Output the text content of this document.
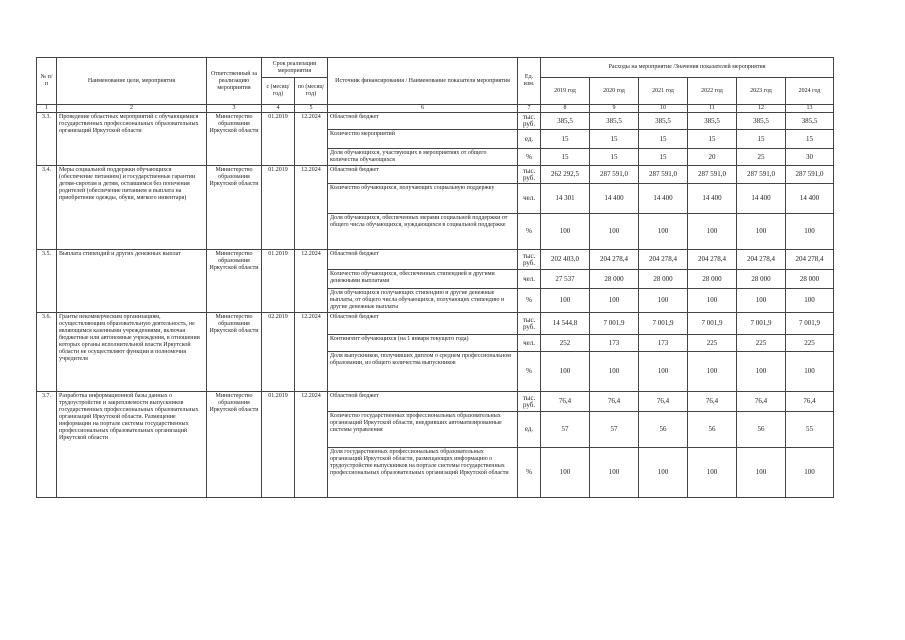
№ п/п	Наименование цели, мероприятия	Ответственный за реализацию мероприятия	Срок реализации мероприятия		Источник финансирования / Наименование показателя мероприятия	Ед. изм.	Расходы на мероприятие /Значения показателей мероприятия					
			с (месяц/ год)	по (месяц/ год)			2019 год	2020 год	2021 год	2022 год	2023 год	2024 год
1	2	3	4	5	6	7	8	9	10	11	12	13
3.3.	Проведение областных мероприятий с обучающимися государственных профессиональных образовательных организаций Иркутской области	Министерство образования Иркутской области	01.2019	12.2024	Областной бюджет	тыс. руб.	385,5	385,5	385,5	385,5	385,5	385,5
					Количество мероприятий	ед.	15	15	15	15	15	15
					Доля обучающихся, участвующих в мероприятиях от общего количества обучающихся	%	15	15	15	20	25	30
3.4.	Меры социальной поддержки обучающихся (обеспечение питанием) и государственные гарантии детям-сиротам и детям, оставшимся без попечения родителей (обеспечение питанием и выплата на приобретение одежды, обуви, мягкого инвентаря)	Министерство образования Иркутской области	01.2019	12.2024	Областной бюджет	тыс. руб.	262 292,5	287 591,0	287 591,0	287 591,0	287 591,0	287 591,0
					Количество обучающихся, получающих социальную поддержку	чел.	14 301	14 400	14 400	14 400	14 400	14 400
					Доля обучающихся, обеспеченных мерами социальной поддержки от общего числа обучающихся, нуждающихся в социальной поддержке	%	100	100	100	100	100	100
3.5.	Выплата стипендий и других денежных выплат	Министерство образования Иркутской области	01.2019	12.2024	Областной бюджет	тыс. руб.	202 403,0	204 278,4	204 278,4	204 278,4	204 278,4	204 278,4
					Количество обучающихся, обеспеченных стипендией и другими денежными выплатами	чел.	27 537	28 000	28 000	28 000	28 000	28 000
					Доля обучающихся получающих стипендию и другие денежные выплаты, от общего числа обучающихся, получающих стипендию и другие денежные выплаты	%	100	100	100	100	100	100
3.6.	Гранты некоммерческим организациям, осуществляющим образовательную деятельность, не являющимся казенными учреждениями, включая бюджетные или автономные учреждения, в отношении которых органы исполнительной власти Иркутской области не осуществляют функции и полномочия учредителя	Министерство образования Иркутской области	02.2019	12.2024	Областной бюджет	тыс. руб.	14 544,8	7 001,9	7 001,9	7 001,9	7 001,9	7 001,9
					Контингент обучающихся (на 1 января текущего года)	чел.	252	173	173	225	225	225
					Доля выпускников, получивших диплом о среднем профессиональном образовании, из общего количества выпускников	%	100	100	100	100	100	100
3.7.	Разработка информационной базы данных о трудоустройстве и закрепляемости выпускников государственных профессиональных образовательных организаций Иркутской области. Размещение информации на портале системы государственных профессиональных образовательных организаций Иркутской области	Министерство образования Иркутской области	01.2019	12.2024	Областной бюджет	тыс. руб.	76,4	76,4	76,4	76,4	76,4	76,4
					Количество государственных профессиональных образовательных организаций Иркутской области, внедривших автоматизированные системы управления	ед.	57	57	56	56	56	55
					Доля государственных профессиональных образовательных организаций Иркутской области, размещающих информацию о трудоустройстве выпускников на портале системы государственных профессиональных образовательных организаций Иркутской области	%	100	100	100	100	100	100
